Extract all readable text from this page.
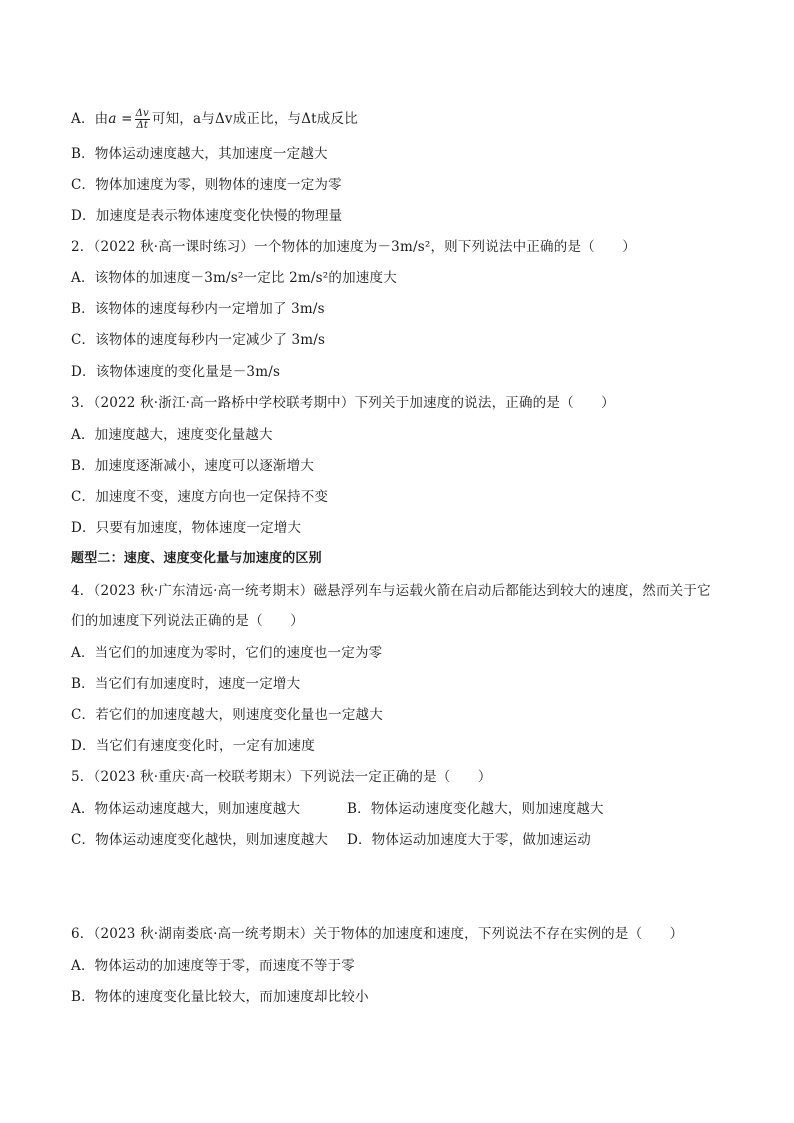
A．由$a = \frac{\Delta v}{\Delta t}$ 可知，a与Δv成正比，与Δt成反比
B．物体运动速度越大，其加速度一定越大
C．物体加速度为零，则物体的速度一定为零
D．加速度是表示物体速度变化快慢的物理量
2．（2022 秋·高一课时练习）一个物体的加速度为－3m/s²，则下列说法中正确的是（　　）
A．该物体的加速度－3m/s²一定比 2m/s²的加速度大
B．该物体的速度每秒内一定增加了 3m/s
C．该物体的速度每秒内一定减少了 3m/s
D．该物体速度的变化量是－3m/s
3．（2022 秋·浙江·高一路桥中学校联考期中）下列关于加速度的说法，正确的是（　　）
A．加速度越大，速度变化量越大
B．加速度逐渐减小，速度可以逐渐增大
C．加速度不变，速度方向也一定保持不变
D．只要有加速度，物体速度一定增大
题型二：速度、速度变化量与加速度的区别
4．（2023 秋·广东清远·高一统考期末）磁悬浮列车与运载火箭在启动后都能达到较大的速度，然而关于它
们的加速度下列说法正确的是（　　）
A．当它们的加速度为零时，它们的速度也一定为零
B．当它们有加速度时，速度一定增大
C．若它们的加速度越大，则速度变化量也一定越大
D．当它们有速度变化时，一定有加速度
5．（2023 秋·重庆·高一校联考期末）下列说法一定正确的是（　　）
A．物体运动速度越大，则加速度越大	B．物体运动速度变化越大，则加速度越大
C．物体运动速度变化越快，则加速度越大 D．物体运动加速度大于零，做加速运动
6．（2023 秋·湖南娄底·高一统考期末）关于物体的加速度和速度，下列说法不存在实例的是（　　）
A．物体运动的加速度等于零，而速度不等于零
B．物体的速度变化量比较大，而加速度却比较小
